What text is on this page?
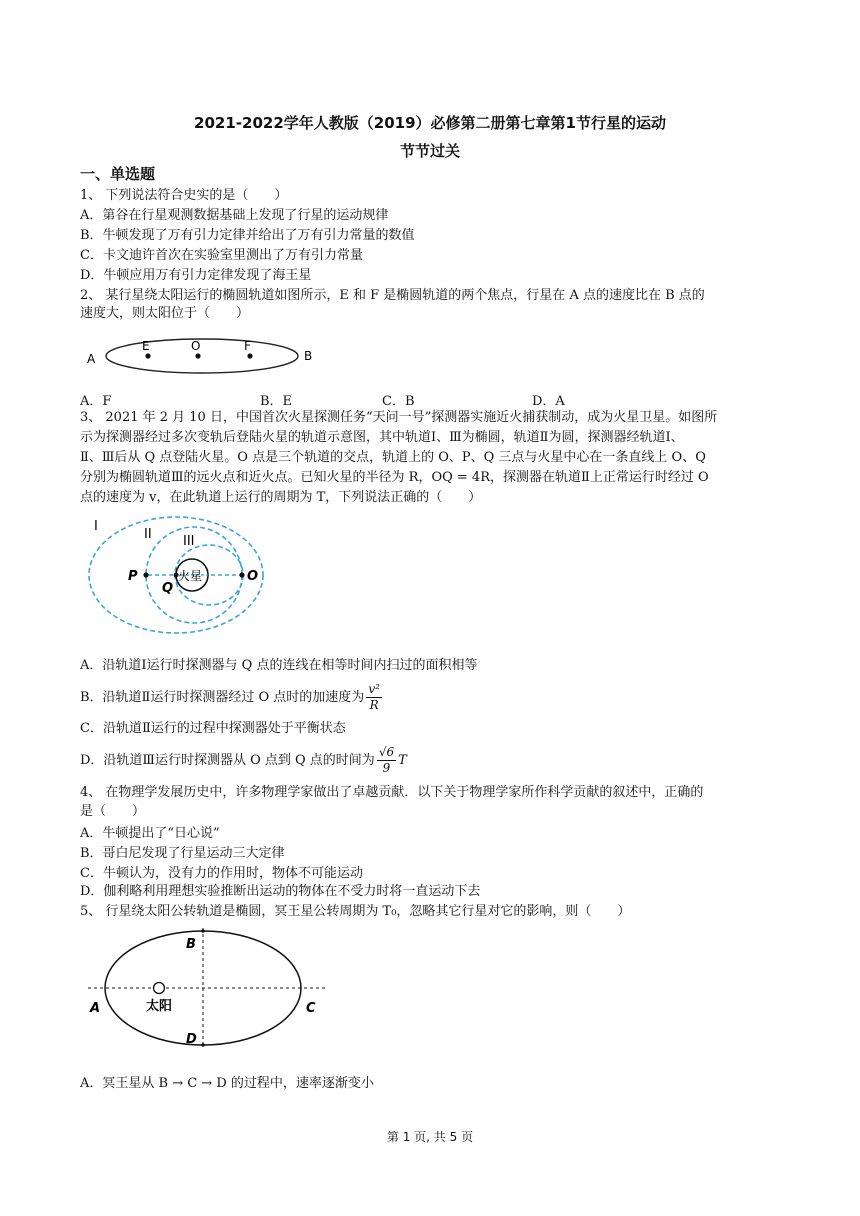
2021-2022学年人教版（2019）必修第二册第七章第1节行星的运动
节节过关
一、单选题
1、 下列说法符合史实的是（　　）
A．第谷在行星观测数据基础上发现了行星的运动规律
B．牛顿发现了万有引力定律并给出了万有引力常量的数值
C．卡文迪许首次在实验室里测出了万有引力常量
D．牛顿应用万有引力定律发现了海王星
2、 某行星绕太阳运行的椭圆轨道如图所示，E 和 F 是椭圆轨道的两个焦点，行星在 A 点的速度比在 B 点的
速度大，则太阳位于（　　）
A
E	O	F
B
A．F	B．E	C．B	D．A
3、 2021 年 2 月 10 日，中国首次火星探测任务“天问一号”探测器实施近火捕获制动，成为火星卫星。如图所
示为探测器经过多次变轨后登陆火星的轨道示意图，其中轨道Ⅰ、Ⅲ为椭圆，轨道Ⅱ为圆，探测器经轨道Ⅰ、
Ⅱ、Ⅲ后从 Q 点登陆火星。O 点是三个轨道的交点，轨道上的 O、P、Q 三点与火星中心在一条直线上 O、Q
分别为椭圆轨道Ⅲ的远火点和近火点。已知火星的半径为 R，OQ = 4R，探测器在轨道Ⅱ上正常运行时经过 O
点的速度为 v，在此轨道上运行的周期为 T，下列说法正确的（　　）
I
II III
P
Q
O
火星
A．沿轨道Ⅰ运行时探测器与 Q 点的连线在相等时间内扫过的面积相等
B．沿轨道Ⅱ运行时探测器经过 O 点时的加速度为 $\frac{\text{v²}}{R}$
C．沿轨道Ⅱ运行的过程中探测器处于平衡状态
D．沿轨道Ⅲ运行时探测器从 O 点到 Q 点的时间为 $\frac{√6}{9}$ T
4、 在物理学发展历史中，许多物理学家做出了卓越贡献．以下关于物理学家所作科学贡献的叙述中，正确的
是（　　）
A．牛顿提出了“日心说”
B．哥白尼发现了行星运动三大定律
C．牛顿认为，没有力的作用时，物体不可能运动
D．伽利略利用理想实验推断出运动的物体在不受力时将一直运动下去
5、 行星绕太阳公转轨道是椭圆，冥王星公转周期为 T₀，忽略其它行星对它的影响，则（　　）
A
B
C
D
太阳
A．冥王星从 B → C → D 的过程中，速率逐渐变小
第 1 页, 共 5 页
